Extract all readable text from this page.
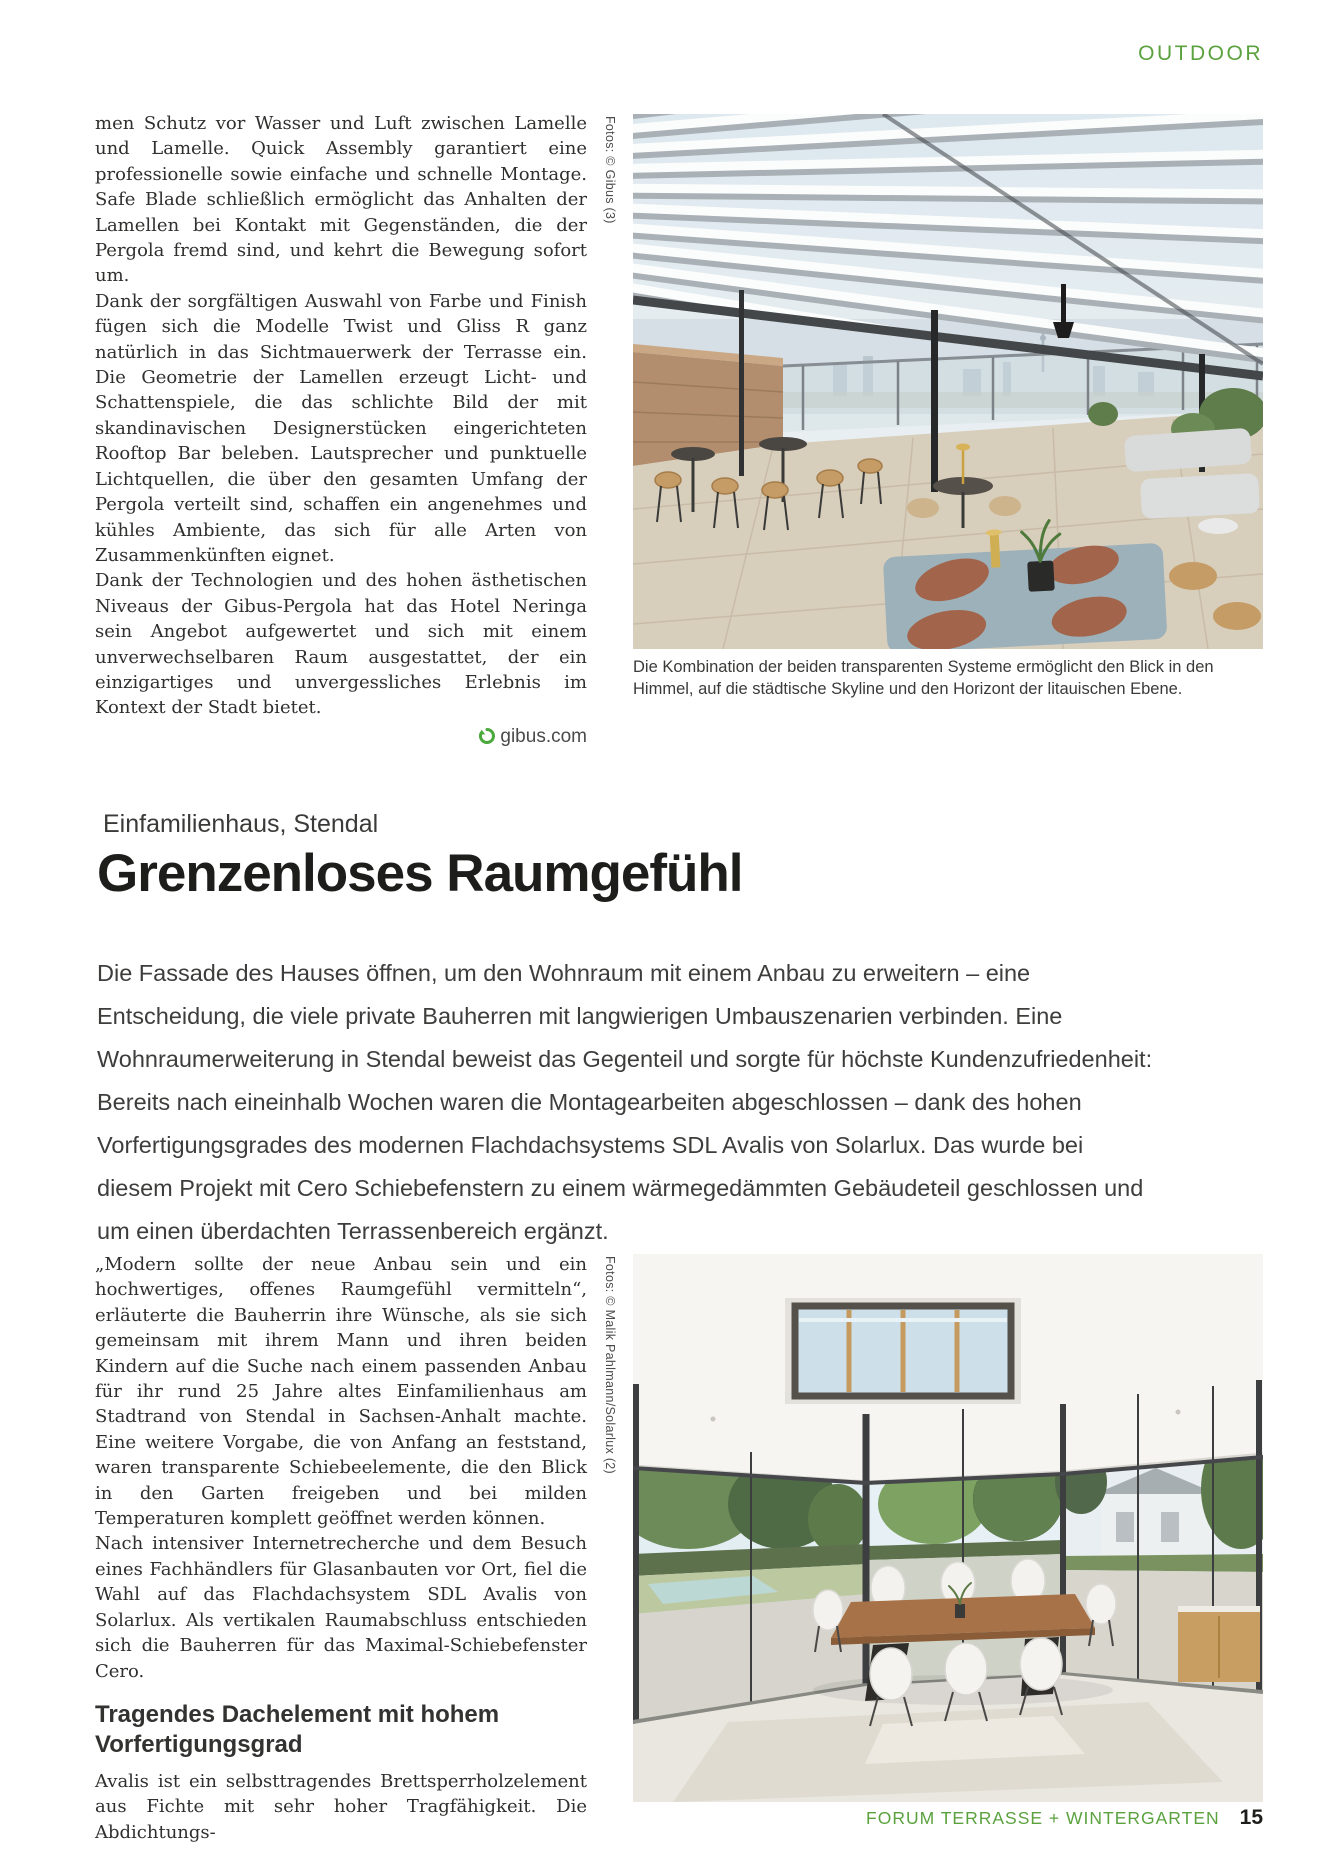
OUTDOOR

men Schutz vor Wasser und Luft zwischen Lamelle und Lamelle. Quick Assembly garantiert eine professionelle sowie einfache und schnelle Montage. Safe Blade schließlich ermöglicht das Anhalten der Lamellen bei Kontakt mit Gegenständen, die der Pergola fremd sind, und kehrt die Bewegung sofort um.

Dank der sorgfältigen Auswahl von Farbe und Finish fügen sich die Modelle Twist und Gliss R ganz natürlich in das Sichtmauerwerk der Terrasse ein. Die Geometrie der Lamellen erzeugt Licht- und Schattenspiele, die das schlichte Bild der mit skandinavischen Designerstücken eingerichteten Rooftop Bar beleben. Lautsprecher und punktuelle Lichtquellen, die über den gesamten Umfang der Pergola verteilt sind, schaffen ein angenehmes und kühles Ambiente, das sich für alle Arten von Zusammenkünften eignet.

Dank der Technologien und des hohen ästhetischen Niveaus der Gibus-Pergola hat das Hotel Neringa sein Angebot aufgewertet und sich mit einem unverwechselbaren Raum ausgestattet, der ein einzigartiges und unvergessliches Erlebnis im Kontext der Stadt bietet.

gibus.com
Fotos: © Gibus (3)
Die Kombination der beiden transparenten Systeme ermöglicht den Blick in den Himmel, auf die städtische Skyline und den Horizont der litauischen Ebene.
Einfamilienhaus, Stendal
Grenzenloses Raumgefühl
Die Fassade des Hauses öffnen, um den Wohnraum mit einem Anbau zu erweitern – eine Entscheidung, die viele private Bauherren mit langwierigen Umbauszenarien verbinden. Eine Wohnraumerweiterung in Stendal beweist das Gegenteil und sorgte für höchste Kundenzufriedenheit: Bereits nach eineinhalb Wochen waren die Montagearbeiten abgeschlossen – dank des hohen Vorfertigungsgrades des modernen Flachdachsystems SDL Avalis von Solarlux. Das wurde bei diesem Projekt mit Cero Schiebefenstern zu einem wärmegedämmten Gebäudeteil geschlossen und um einen überdachten Terrassenbereich ergänzt.

„Modern sollte der neue Anbau sein und ein hochwertiges, offenes Raumgefühl vermitteln“, erläuterte die Bauherrin ihre Wünsche, als sie sich gemeinsam mit ihrem Mann und ihren beiden Kindern auf die Suche nach einem passenden Anbau für ihr rund 25 Jahre altes Einfamilienhaus am Stadtrand von Stendal in Sachsen-Anhalt machte. Eine weitere Vorgabe, die von Anfang an feststand, waren transparente Schiebeelemente, die den Blick in den Garten freigeben und bei milden Temperaturen komplett geöffnet werden können.

Nach intensiver Internetrecherche und dem Besuch eines Fachhändlers für Glasanbauten vor Ort, fiel die Wahl auf das Flachdachsystem SDL Avalis von Solarlux. Als vertikalen Raumabschluss entschieden sich die Bauherren für das Maximal-Schiebefenster Cero.

Tragendes Dachelement mit hohem Vorfertigungsgrad

Avalis ist ein selbsttragendes Brettsperrholzelement aus Fichte mit sehr hoher Tragfähigkeit. Die Abdichtungs-

Fotos: © Malik Pahlmann/Solarlux (2)
FORUM TERRASSE + WINTERGARTEN 15
